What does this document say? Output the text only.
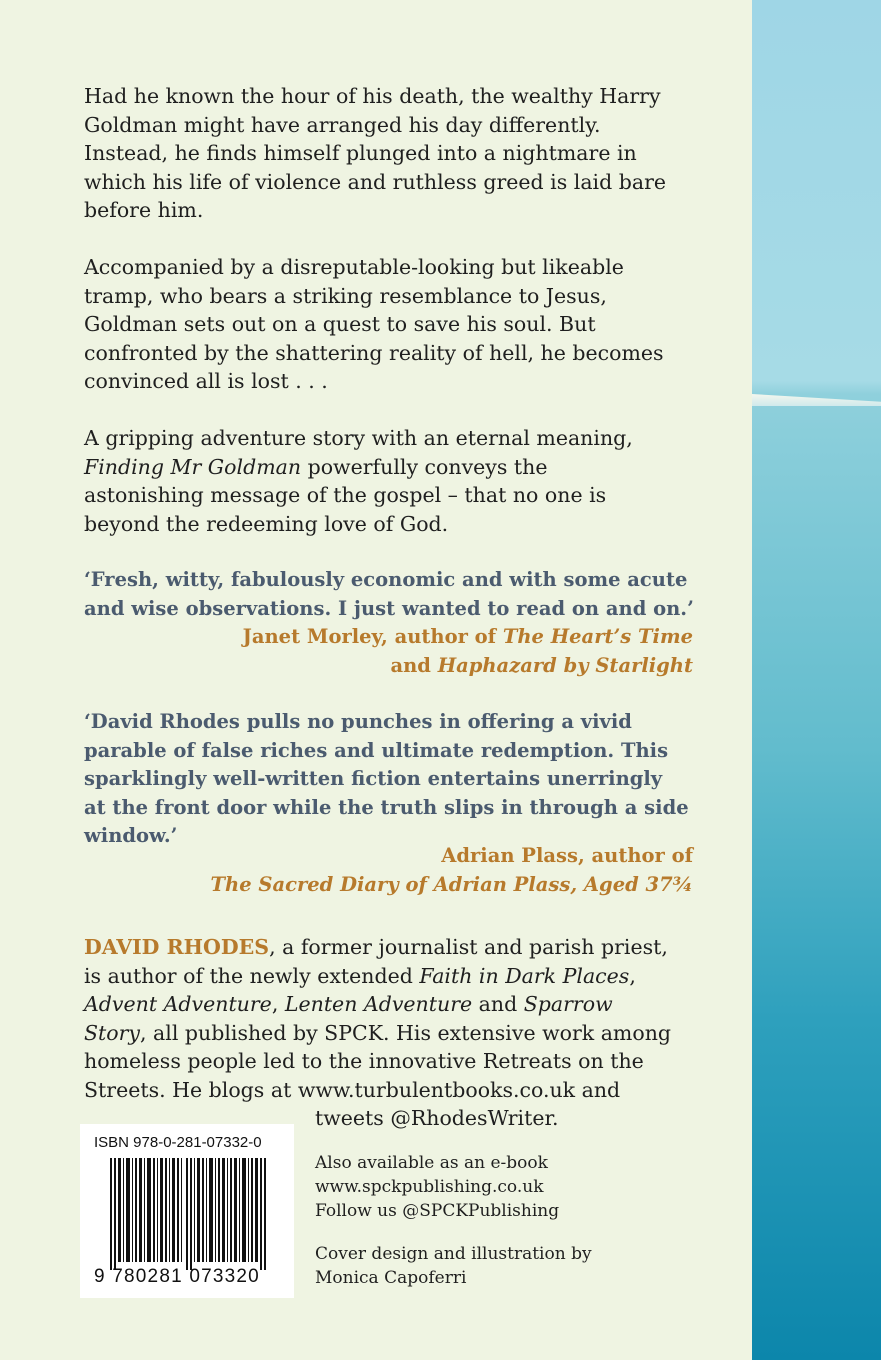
Had he known the hour of his death, the wealthy Harry
Goldman might have arranged his day differently.
Instead, he finds himself plunged into a nightmare in
which his life of violence and ruthless greed is laid bare
before him.
Accompanied by a disreputable-looking but likeable
tramp, who bears a striking resemblance to Jesus,
Goldman sets out on a quest to save his soul. But
confronted by the shattering reality of hell, he becomes
convinced all is lost . . .
A gripping adventure story with an eternal meaning,
Finding Mr Goldman powerfully conveys the
astonishing message of the gospel – that no one is
beyond the redeeming love of God.
‘Fresh, witty, fabulously economic and with some acute
and wise observations. I just wanted to read on and on.’
Janet Morley, author of The Heart’s Time
and Haphazard by Starlight
‘David Rhodes pulls no punches in offering a vivid
parable of false riches and ultimate redemption. This
sparklingly well-written fiction entertains unerringly
at the front door while the truth slips in through a side
window.’
Adrian Plass, author of
The Sacred Diary of Adrian Plass, Aged 37¾
DAVID RHODES, a former journalist and parish priest,
is author of the newly extended Faith in Dark Places,
Advent Adventure, Lenten Adventure and Sparrow
Story, all published by SPCK. His extensive work among
homeless people led to the innovative Retreats on the
Streets. He blogs at www.turbulentbooks.co.uk and
tweets @RhodesWriter.
ISBN 978-0-281-07332-0
9 780281 073320
Also available as an e-book
www.spckpublishing.co.uk
Follow us @SPCKPublishing
Cover design and illustration by
Monica Capoferri
